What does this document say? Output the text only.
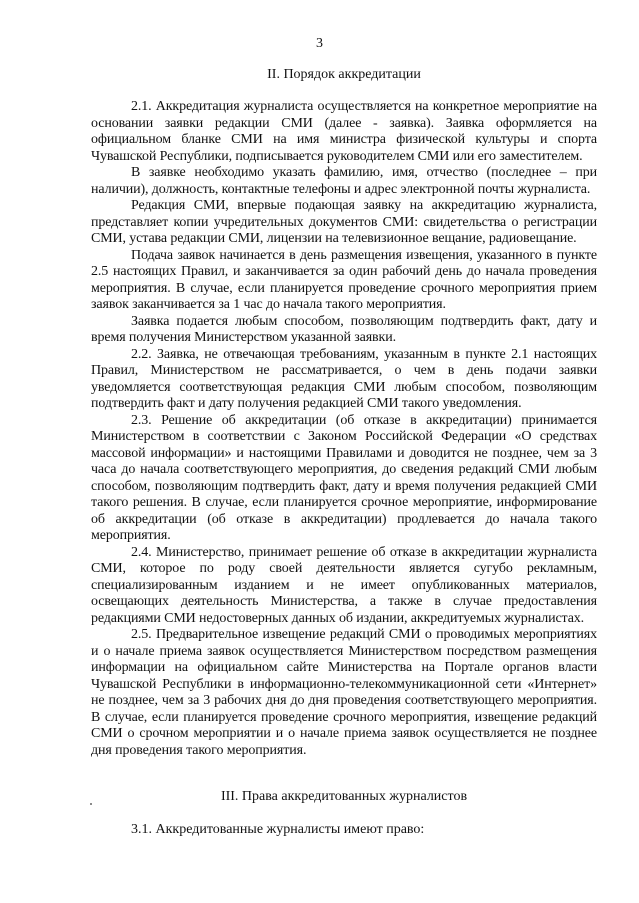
3
II. Порядок аккредитации

2.1. Аккредитация журналиста осуществляется на конкретное мероприятие на основании заявки редакции СМИ (далее - заявка). Заявка оформляется на официальном бланке СМИ на имя министра физической культуры и спорта Чувашской Республики, подписывается руководителем СМИ или его заместителем.

В заявке необходимо указать фамилию, имя, отчество (последнее – при наличии), должность, контактные телефоны и адрес электронной почты журналиста.

Редакция СМИ, впервые подающая заявку на аккредитацию журналиста, представляет копии учредительных документов СМИ: свидетельства о регистрации СМИ, устава редакции СМИ, лицензии на телевизионное вещание, радиовещание.

Подача заявок начинается в день размещения извещения, указанного в пункте 2.5 настоящих Правил, и заканчивается за один рабочий день до начала проведения мероприятия. В случае, если планируется проведение срочного мероприятия прием заявок заканчивается за 1 час до начала такого мероприятия.

Заявка подается любым способом, позволяющим подтвердить факт, дату и время получения Министерством указанной заявки.

2.2. Заявка, не отвечающая требованиям, указанным в пункте 2.1 настоящих Правил, Министерством не рассматривается, о чем в день подачи заявки уведомляется соответствующая редакция СМИ любым способом, позволяющим подтвердить факт и дату получения редакцией СМИ такого уведомления.

2.3. Решение об аккредитации (об отказе в аккредитации) принимается Министерством в соответствии с Законом Российской Федерации «О средствах массовой информации» и настоящими Правилами и доводится не позднее, чем за 3 часа до начала соответствующего мероприятия, до сведения редакций СМИ любым способом, позволяющим подтвердить факт, дату и время получения редакцией СМИ такого решения. В случае, если планируется срочное мероприятие, информирование об аккредитации (об отказе в аккредитации) продлевается до начала такого мероприятия.

2.4. Министерство, принимает решение об отказе в аккредитации журналиста СМИ, которое по роду своей деятельности является сугубо рекламным, специализированным изданием и не имеет опубликованных материалов, освещающих деятельность Министерства, а также в случае предоставления редакциями СМИ недостоверных данных об издании, аккредитуемых журналистах.

2.5. Предварительное извещение редакций СМИ о проводимых мероприятиях и о начале приема заявок осуществляется Министерством посредством размещения информации на официальном сайте Министерства на Портале органов власти Чувашской Республики в информационно-телекоммуникационной сети «Интернет» не позднее, чем за 3 рабочих дня до дня проведения соответствующего мероприятия. В случае, если планируется проведение срочного мероприятия, извещение редакций СМИ о срочном мероприятии и о начале приема заявок осуществляется не позднее дня проведения такого мероприятия.

III. Права аккредитованных журналистов
3.1. Аккредитованные журналисты имеют право:
